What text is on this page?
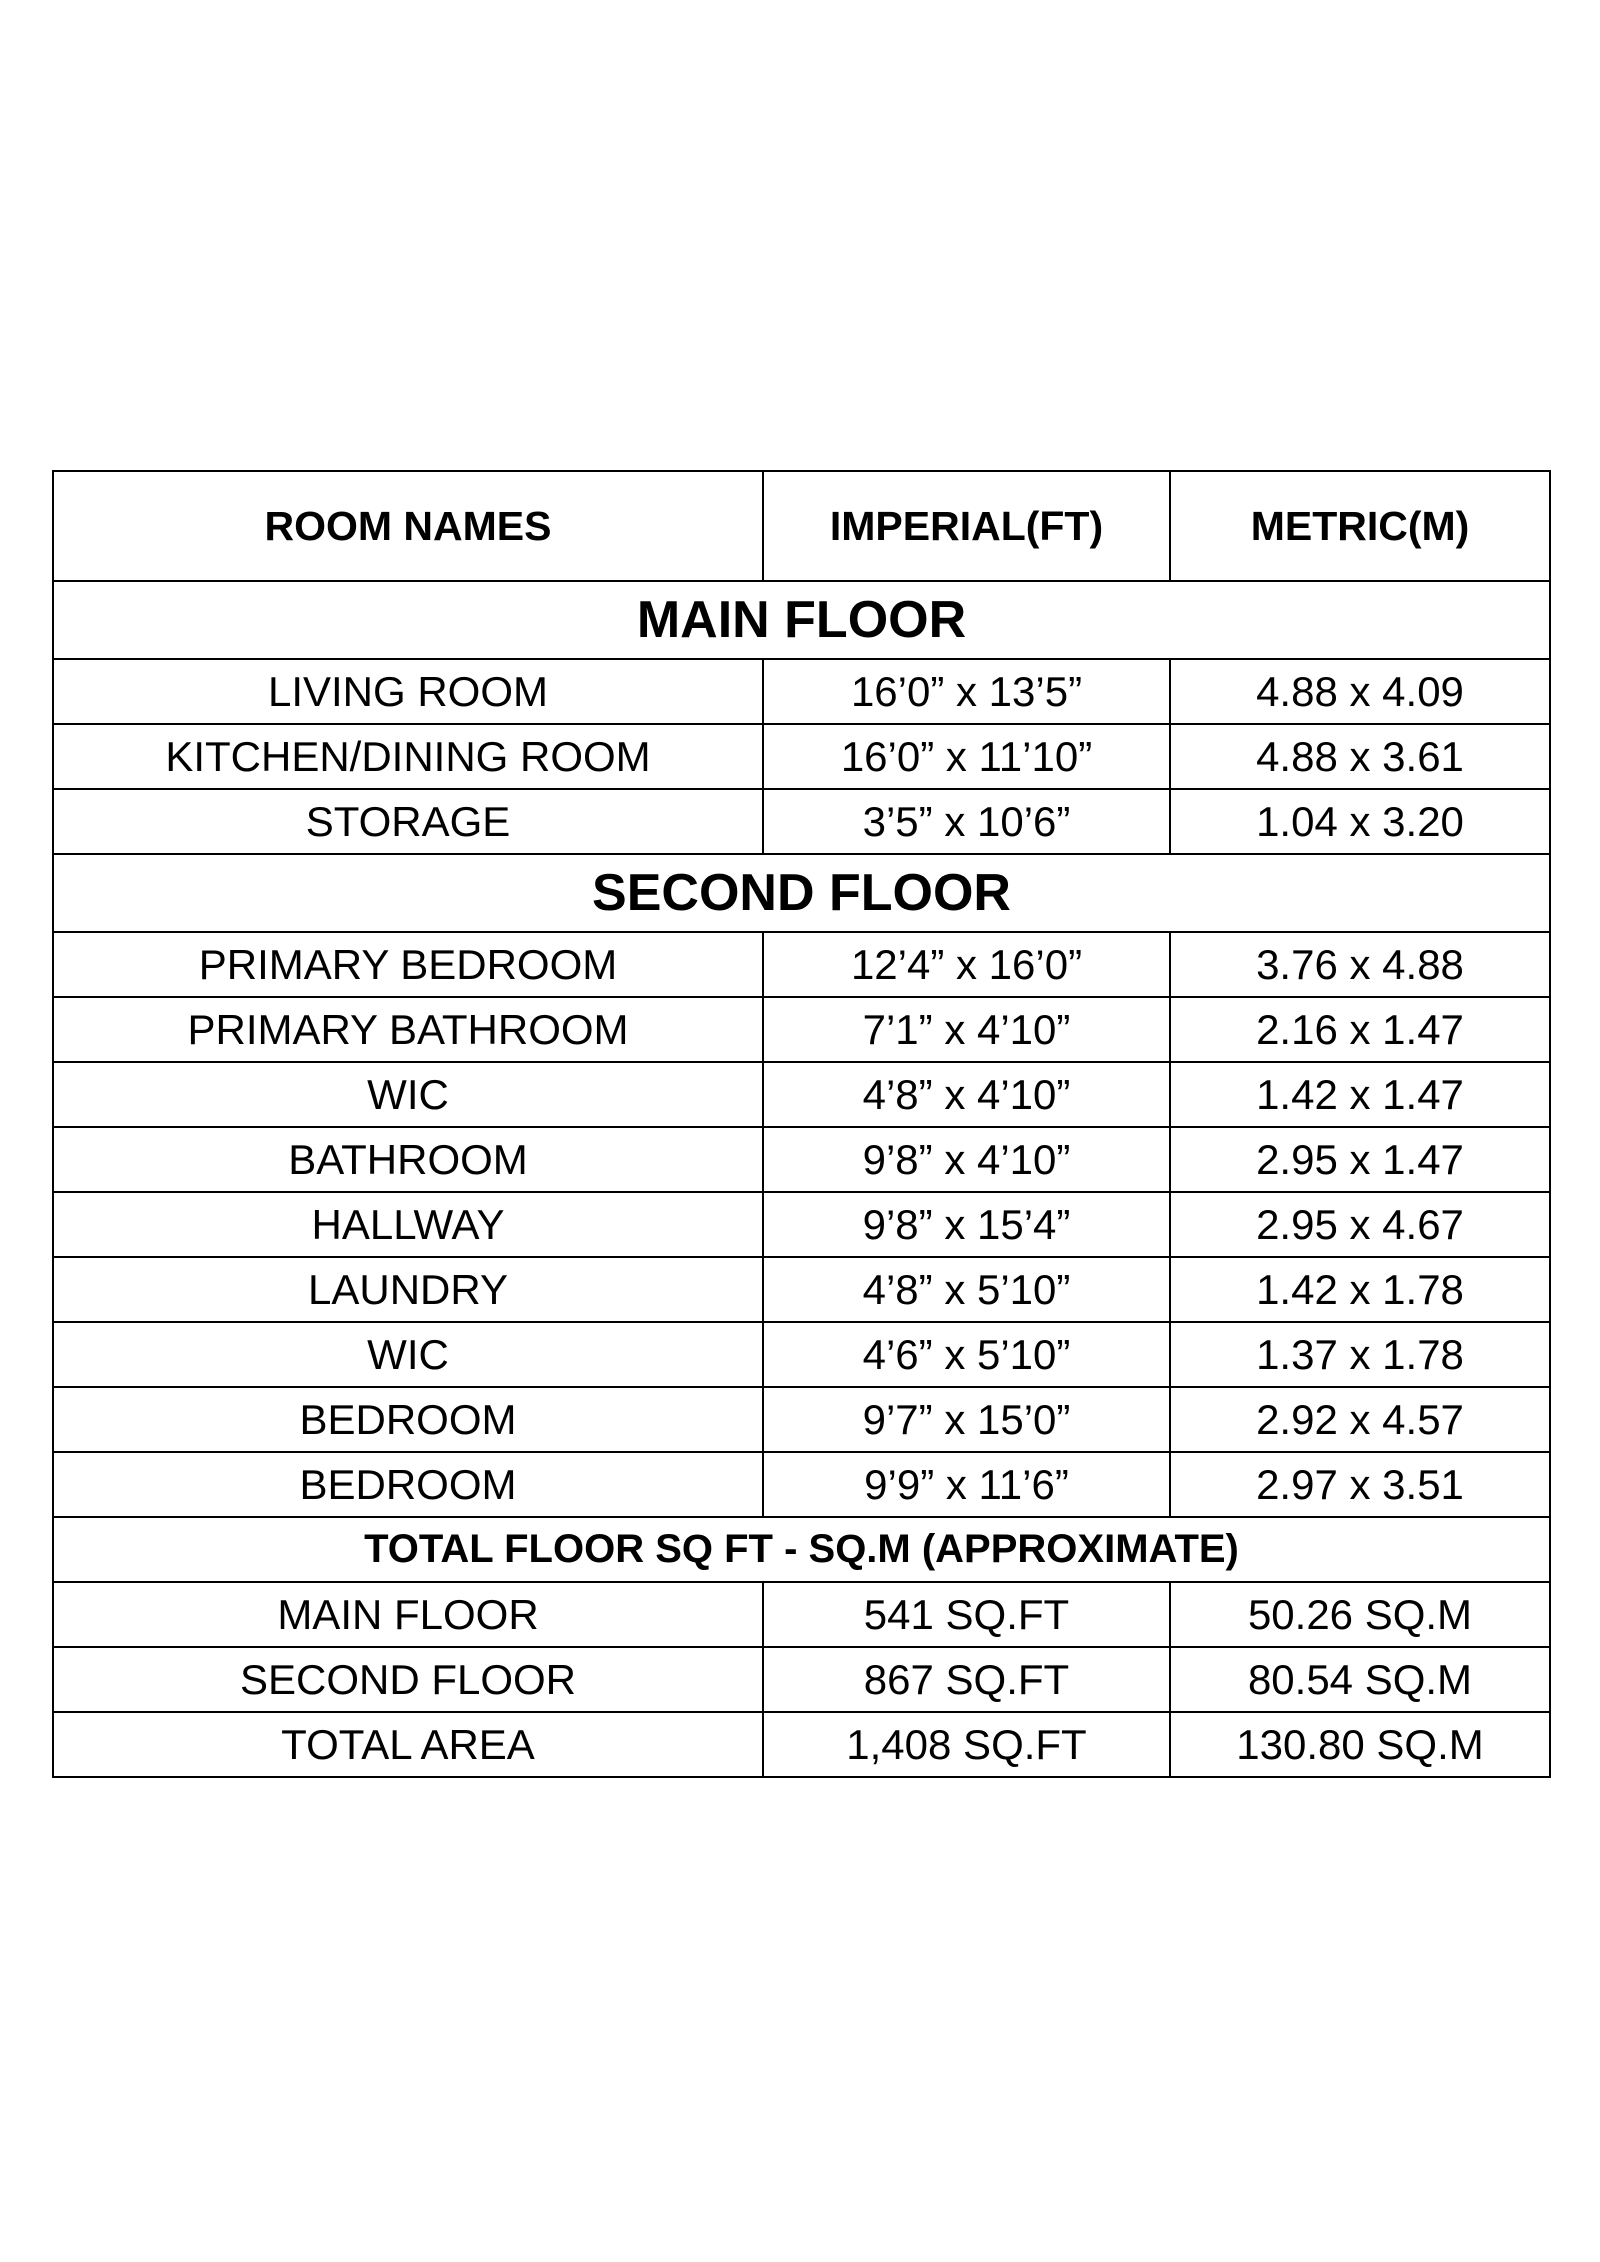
ROOM NAMES	IMPERIAL(FT)	METRIC(M)
MAIN FLOOR		
LIVING ROOM	16’0” x 13’5”	4.88 x 4.09
KITCHEN/DINING ROOM	16’0” x 11’10”	4.88 x 3.61
STORAGE	3’5” x 10’6”	1.04 x 3.20
SECOND FLOOR		
PRIMARY BEDROOM	12’4” x 16’0”	3.76 x 4.88
PRIMARY BATHROOM	7’1” x 4’10”	2.16 x 1.47
WIC	4’8” x 4’10”	1.42 x 1.47
BATHROOM	9’8” x 4’10”	2.95 x 1.47
HALLWAY	9’8” x 15’4”	2.95 x 4.67
LAUNDRY	4’8” x 5’10”	1.42 x 1.78
WIC	4’6” x 5’10”	1.37 x 1.78
BEDROOM	9’7” x 15’0”	2.92 x 4.57
BEDROOM	9’9” x 11’6”	2.97 x 3.51
TOTAL FLOOR SQ FT - SQ.M (APPROXIMATE)		
MAIN FLOOR	541 SQ.FT	50.26 SQ.M
SECOND FLOOR	867 SQ.FT	80.54 SQ.M
TOTAL AREA	1,408 SQ.FT	130.80 SQ.M
